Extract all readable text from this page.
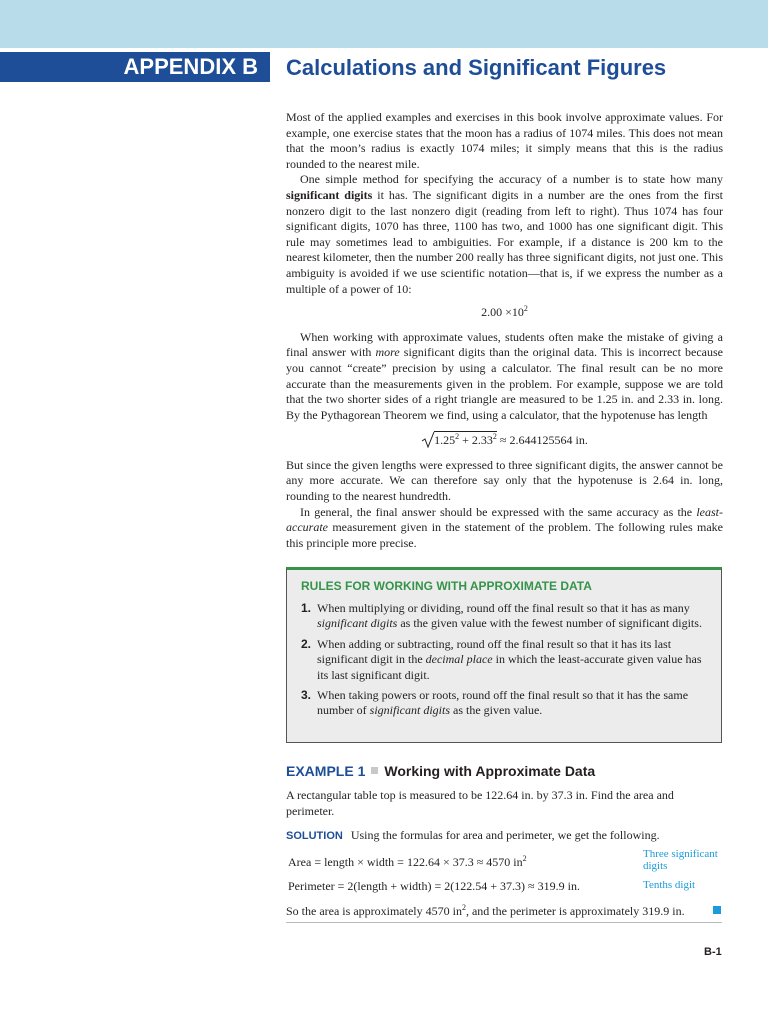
APPENDIX B	Calculations and Significant Figures

Most of the applied examples and exercises in this book involve approximate values. For example, one exercise states that the moon has a radius of 1074 miles. This does not mean that the moon’s radius is exactly 1074 miles; it simply means that this is the radius rounded to the nearest mile.

One simple method for specifying the accuracy of a number is to state how many significant digits it has. The significant digits in a number are the ones from the first nonzero digit to the last nonzero digit (reading from left to right). Thus 1074 has four significant digits, 1070 has three, 1100 has two, and 1000 has one significant digit. This rule may sometimes lead to ambiguities. For example, if a distance is 200 km to the nearest kilometer, then the number 200 really has three significant digits, not just one. This ambiguity is avoided if we use scientific notation—that is, if we express the number as a multiple of a power of 10:

$2.00 \times 10^2$

When working with approximate values, students often make the mistake of giving a final answer with more significant digits than the original data. This is incorrect because you cannot “create” precision by using a calculator. The final result can be no more accurate than the measurements given in the problem. For example, suppose we are told that the two shorter sides of a right triangle are measured to be 1.25 in. and 2.33 in. long. By the Pythagorean Theorem we find, using a calculator, that the hypotenuse has length

$1.25^2 + 2.33^2 \approx 2.644125564$ in.

But since the given lengths were expressed to three significant digits, the answer cannot be any more accurate. We can therefore say only that the hypotenuse is 2.64 in. long, rounding to the nearest hundredth.

In general, the final answer should be expressed with the same accuracy as the least-accurate measurement given in the statement of the problem. The following rules make this principle more precise.

RULES FOR WORKING WITH APPROXIMATE DATA
1. When multiplying or dividing, round off the final result so that it has as many significant digits as the given value with the fewest number of significant digits.
2. When adding or subtracting, round off the final result so that it has its last significant digit in the decimal place in which the least-accurate given value has its last significant digit.
3. When taking powers or roots, round off the final result so that it has the same number of significant digits as the given value.
EXAMPLE 1 Working with Approximate Data
A rectangular table top is measured to be 122.64 in. by 37.3 in. Find the area and perimeter.
SOLUTION Using the formulas for area and perimeter, we get the following.
Area = length × width = 122.64 × 37.3 ≈ 4570 $in^2$	Three significant digits
Perimeter = 2(length + width) = 2(122.54 + 37.3) ≈ 319.9 in.	Tenths digit
So the area is approximately 4570 $in^2$, and the perimeter is approximately 319.9 in.
B-1
